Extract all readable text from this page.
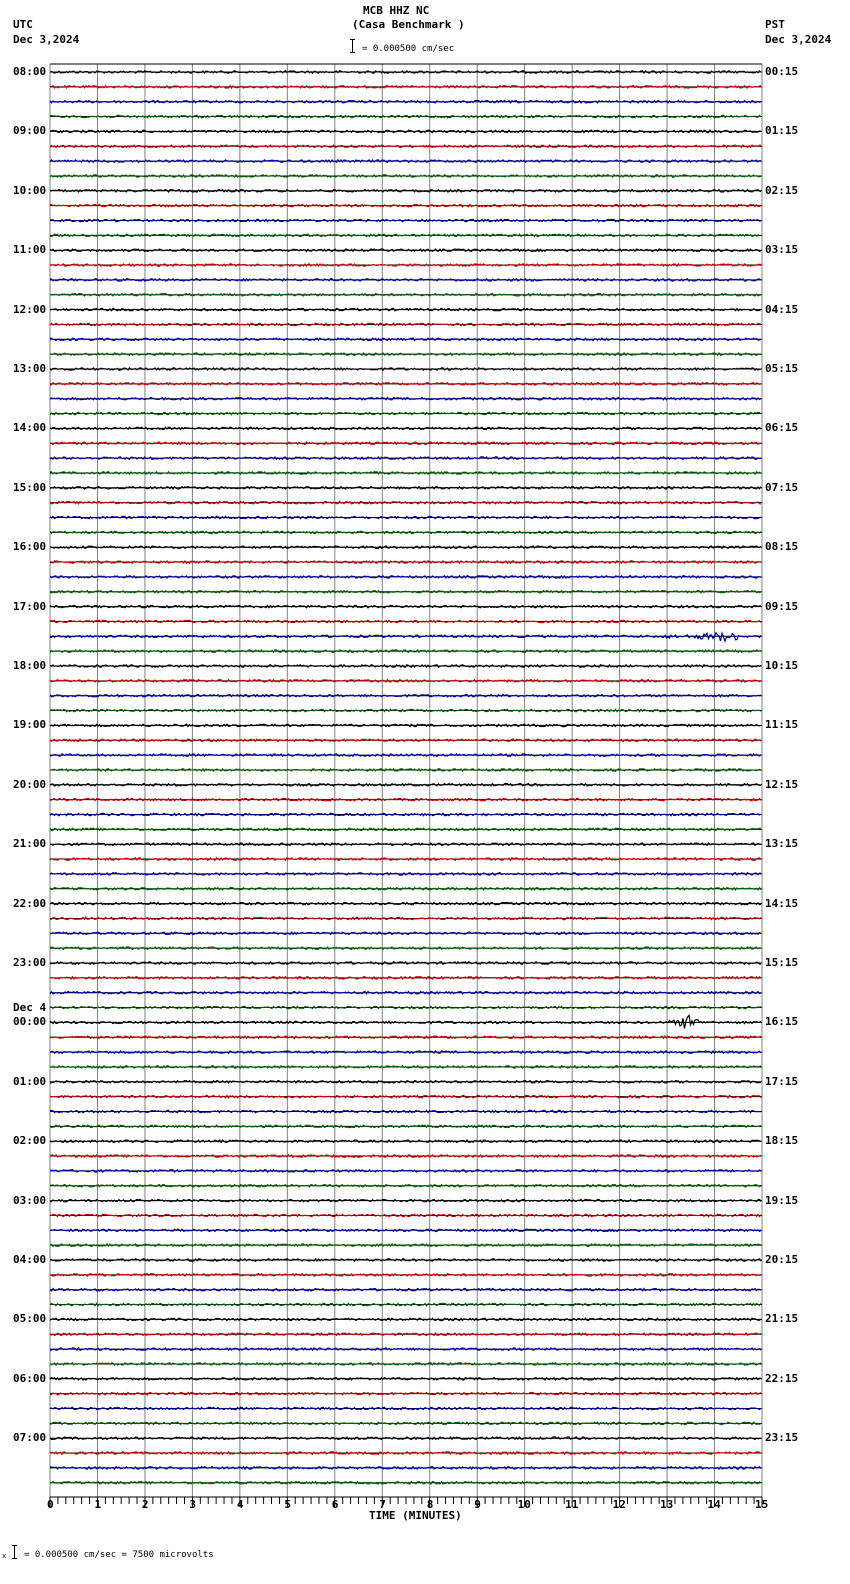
MCB HHZ NC
(Casa Benchmark )
UTC
Dec 3,2024
PST
Dec 3,2024
= 0.000500 cm/sec
08:00
09:00
10:00
11:00
12:00
13:00
14:00
15:00
16:00
17:00
18:00
19:00
20:00
21:00
22:00
23:00
00:00
Dec 4
01:00
02:00
03:00
04:00
05:00
06:00
07:00
00:15
01:15
02:15
03:15
04:15
05:15
06:15
07:15
08:15
09:15
10:15
11:15
12:15
13:15
14:15
15:15
16:15
17:15
18:15
19:15
20:15
21:15
22:15
23:15
0	1	2	3	4	5	6	7	8	9	10	11	12	13	14	15
TIME (MINUTES)
x = 0.000500 cm/sec = 7500 microvolts
